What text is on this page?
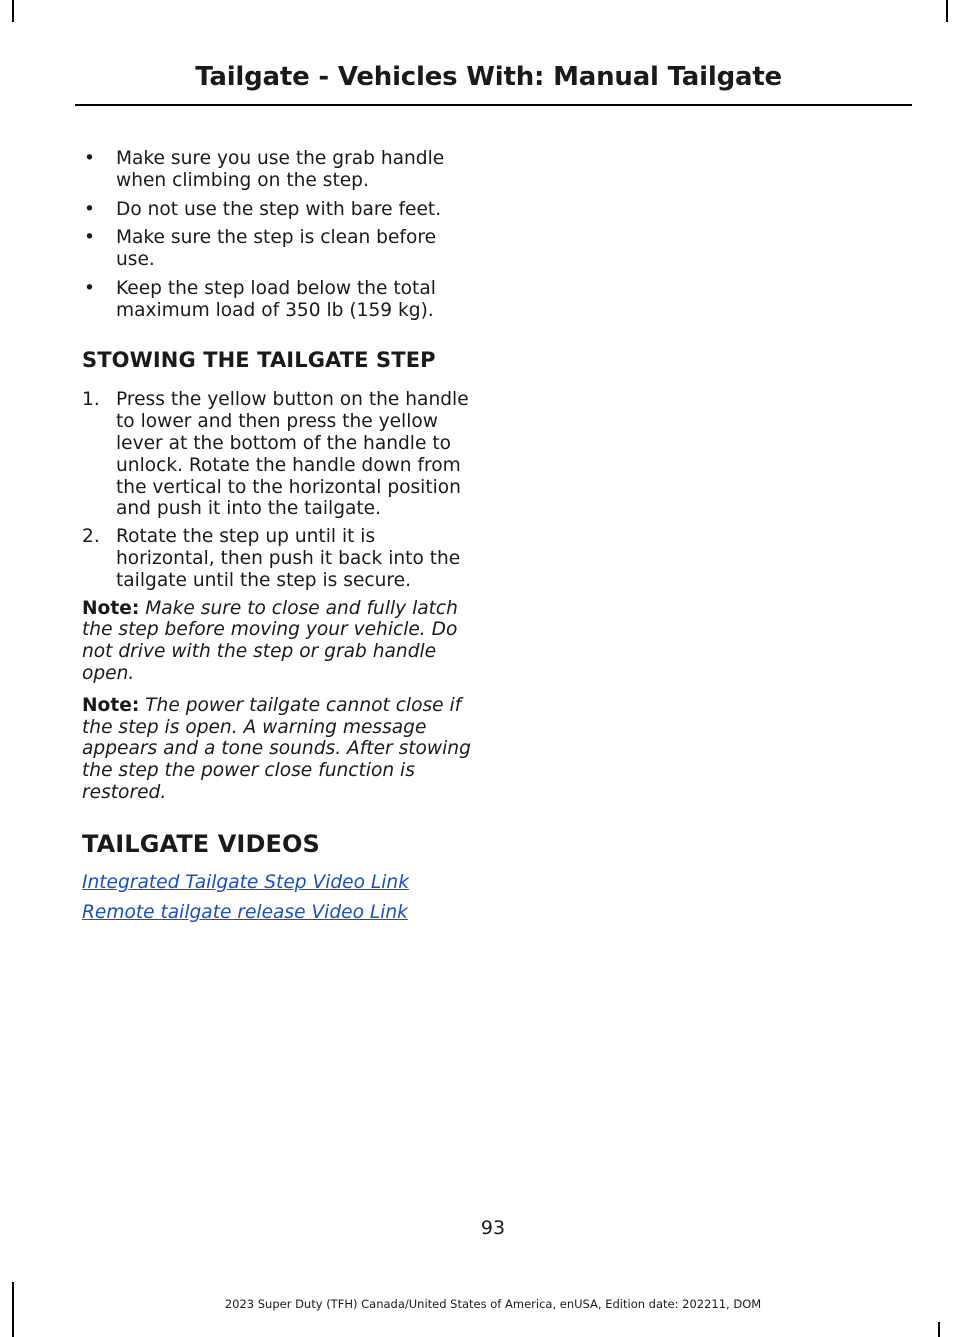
Tailgate - Vehicles With: Manual Tailgate
• Make sure you use the grab handle when climbing on the step.
• Do not use the step with bare feet.
• Make sure the step is clean before use.
• Keep the step load below the total maximum load of 350 lb (159 kg).
STOWING THE TAILGATE STEP
1. Press the yellow button on the handle to lower and then press the yellow lever at the bottom of the handle to unlock. Rotate the handle down from the vertical to the horizontal position and push it into the tailgate.
2. Rotate the step up until it is horizontal, then push it back into the tailgate until the step is secure.

Note: Make sure to close and fully latch the step before moving your vehicle. Do not drive with the step or grab handle open.

Note: The power tailgate cannot close if the step is open. A warning message appears and a tone sounds. After stowing the step the power close function is restored.

TAILGATE VIDEOS
Integrated Tailgate Step Video Link
Remote tailgate release Video Link
93
2023 Super Duty (TFH) Canada/United States of America, enUSA, Edition date: 202211, DOM
